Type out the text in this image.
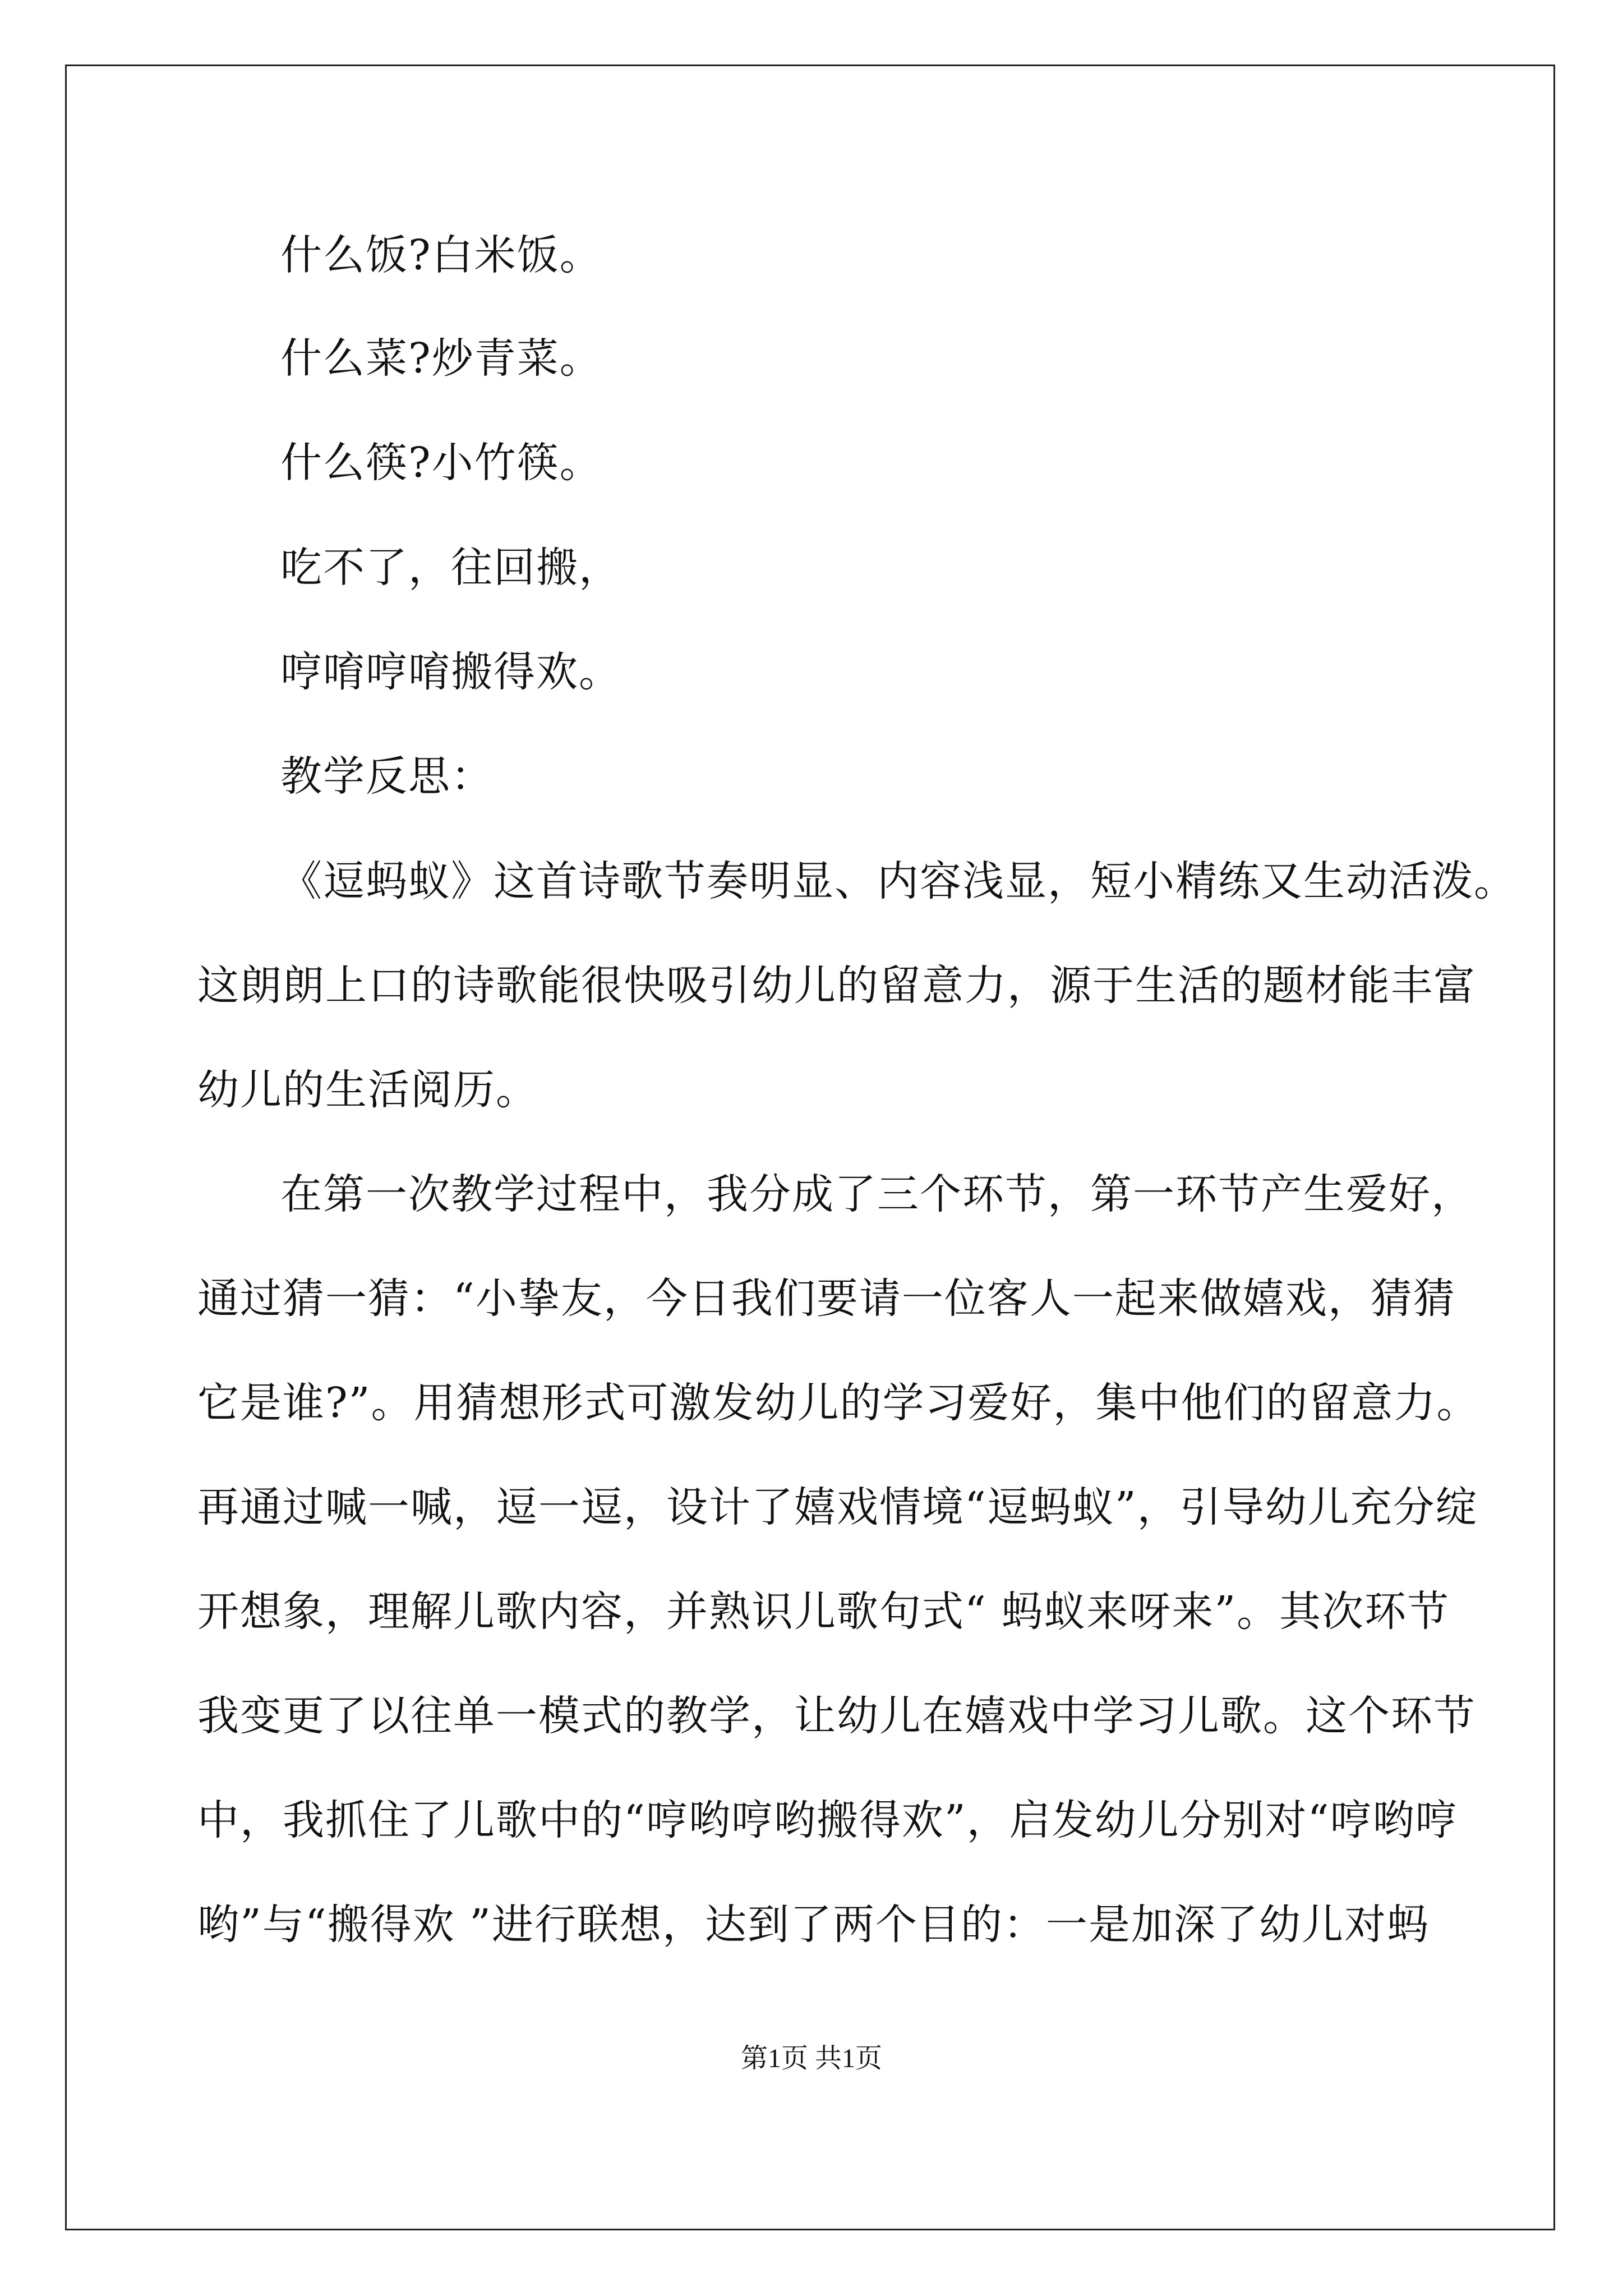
什么饭?白米饭。
什么菜?炒青菜。
什么筷?小竹筷。
吃不了，往回搬，
哼唷哼唷搬得欢。
教学反思：
《逗蚂蚁》这首诗歌节奏明显、内容浅显，短小精练又生动活泼。
这朗朗上口的诗歌能很快吸引幼儿的留意力，源于生活的题材能丰富
幼儿的生活阅历。
在第一次教学过程中，我分成了三个环节，第一环节产生爱好，
通过猜一猜：“小挚友，今日我们要请一位客人一起来做嬉戏，猜猜
它是谁?”。用猜想形式可激发幼儿的学习爱好，集中他们的留意力。
再通过喊一喊，逗一逗，设计了嬉戏情境“逗蚂蚁”，引导幼儿充分绽
开想象，理解儿歌内容，并熟识儿歌句式“ 蚂蚁来呀来”。其次环节
我变更了以往单一模式的教学，让幼儿在嬉戏中学习儿歌。这个环节
中，我抓住了儿歌中的“哼哟哼哟搬得欢”，启发幼儿分别对“哼哟哼
哟”与“搬得欢 ”进行联想，达到了两个目的：一是加深了幼儿对蚂
第1页 共1页
